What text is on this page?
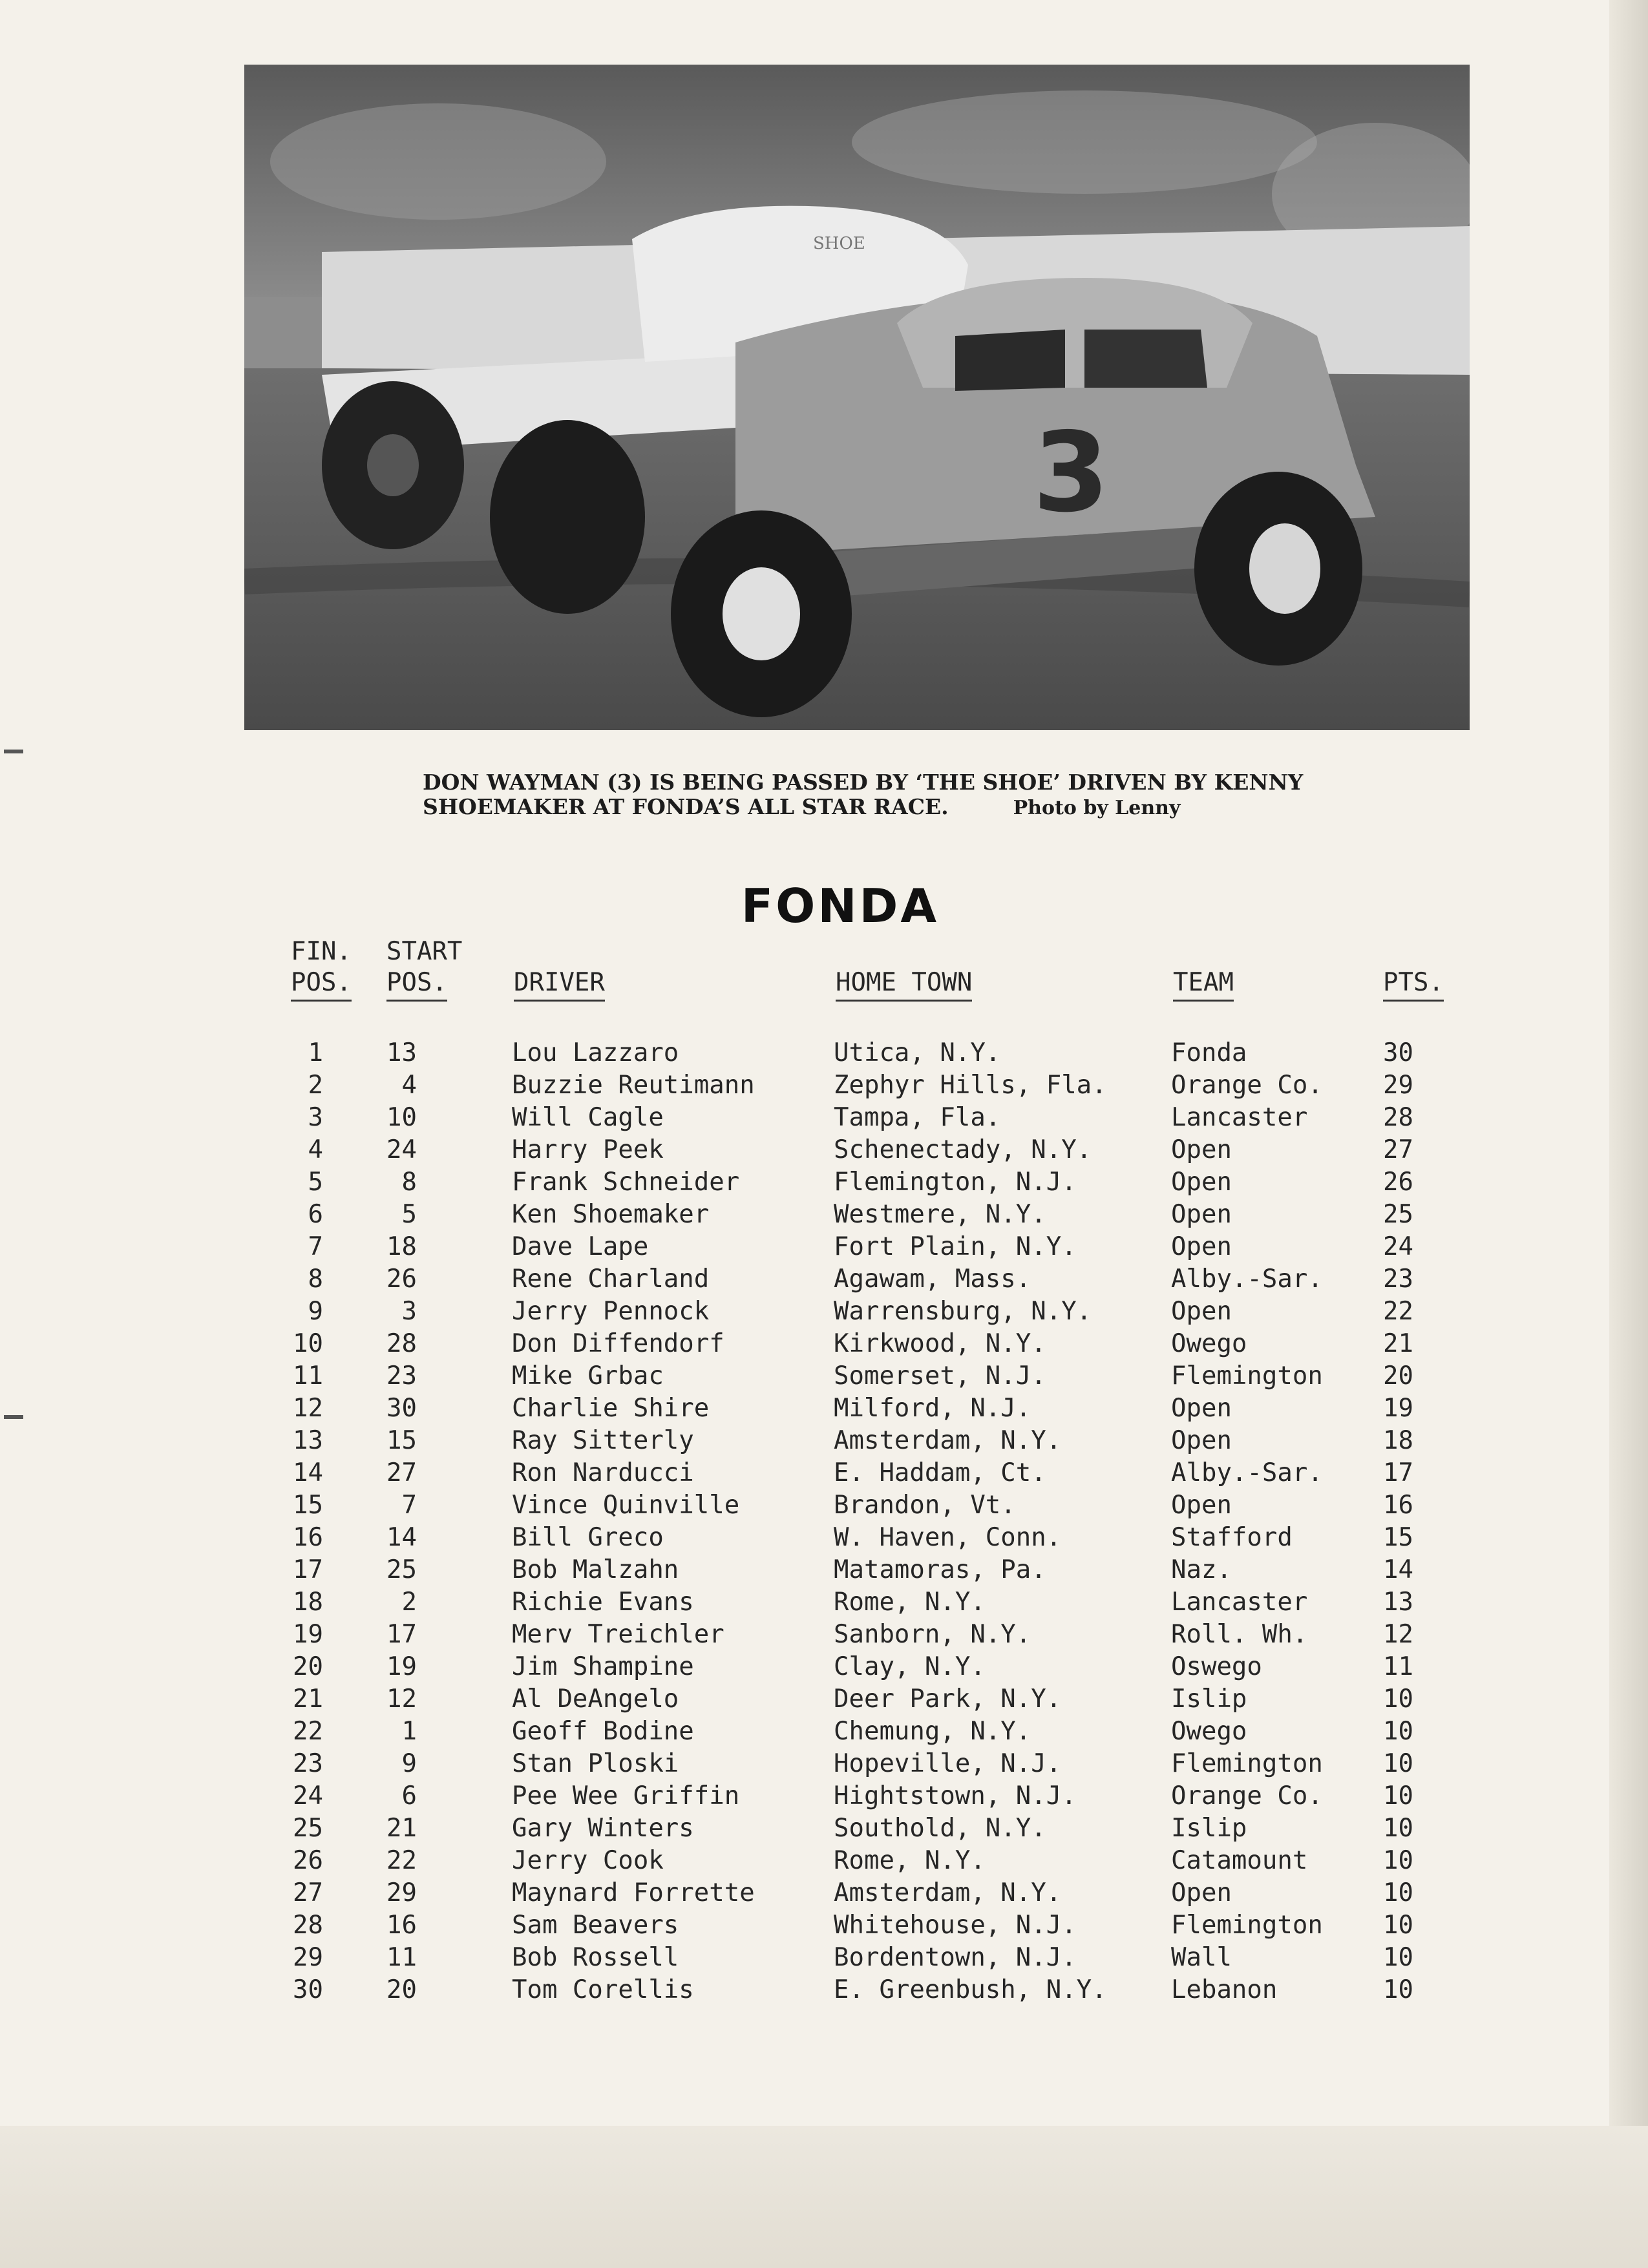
SHOE
3

DON WAYMAN (3) IS BEING PASSED BY ‘THE SHOE’ DRIVEN BY KENNY
SHOEMAKER AT FONDA’S ALL STAR RACE.	Photo by Lenny

FONDA
FIN.
POS.
START
POS.	DRIVER	HOME TOWN	TEAM	PTS.
1	13	Lou Lazzaro	Utica, N.Y.	Fonda	30
2	4	Buzzie Reutimann	Zephyr Hills, Fla.	Orange Co. 29
3	10	Will Cagle	Tampa, Fla.	Lancaster	28
4	24	Harry Peek	Schenectady, N.Y.	Open	27
5	8	Frank Schneider	Flemington, N.J.	Open	26
6	5	Ken Shoemaker	Westmere, N.Y.	Open	25
7	18	Dave Lape	Fort Plain, N.Y.	Open	24
8	26	Rene Charland	Agawam, Mass.	Alby.-Sar. 23
9	3	Jerry Pennock	Warrensburg, N.Y.	Open	22
10	28	Don Diffendorf	Kirkwood, N.Y.	Owego	21
11	23	Mike Grbac	Somerset, N.J.	Flemington 20
12	30	Charlie Shire	Milford, N.J.	Open	19
13	15	Ray Sitterly	Amsterdam, N.Y.	Open	18
14	27	Ron Narducci	E. Haddam, Ct.	Alby.-Sar. 17
15	7	Vince Quinville	Brandon, Vt.	Open	16
16	14	Bill Greco	W. Haven, Conn.	Stafford	15
17	25	Bob Malzahn	Matamoras, Pa.	Naz.	14
18	2	Richie Evans	Rome, N.Y.	Lancaster	13
19	17	Merv Treichler	Sanborn, N.Y.	Roll. Wh.	12
20	19	Jim Shampine	Clay, N.Y.	Oswego	11
21	12	Al DeAngelo	Deer Park, N.Y.	Islip	10
22	1	Geoff Bodine	Chemung, N.Y.	Owego	10
23	9	Stan Ploski	Hopeville, N.J.	Flemington 10
24	6	Pee Wee Griffin	Hightstown, N.J.	Orange Co. 10
25	21	Gary Winters	Southold, N.Y.	Islip	10
26	22	Jerry Cook	Rome, N.Y.	Catamount	10
27	29	Maynard Forrette	Amsterdam, N.Y.	Open	10
28	16	Sam Beavers	Whitehouse, N.J.	Flemington 10
29	11	Bob Rossell	Bordentown, N.J.	Wall	10
30	20	Tom Corellis	E. Greenbush, N.Y.	Lebanon	10
